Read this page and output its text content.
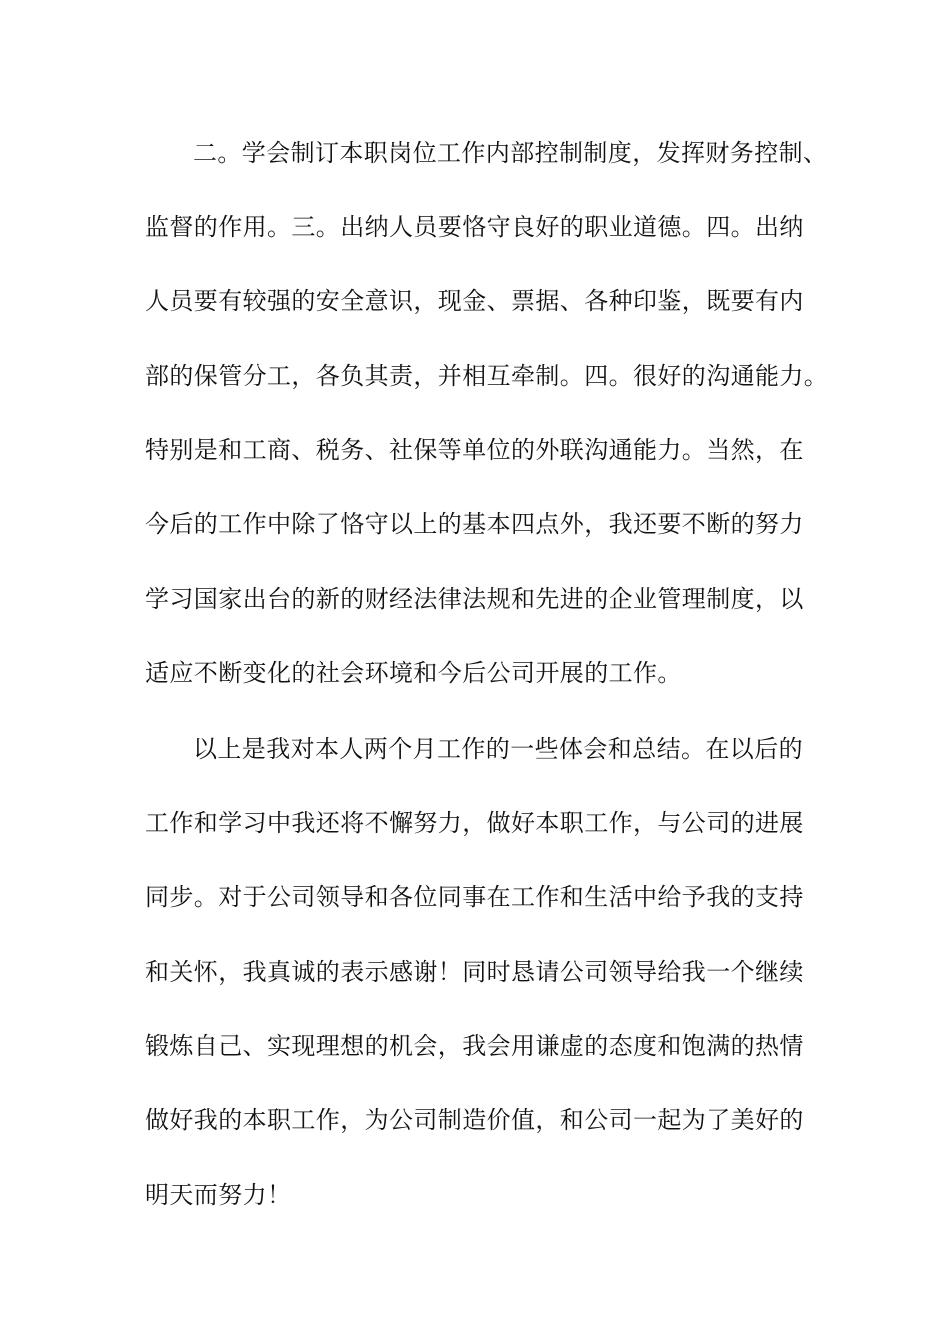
二。学会制订本职岗位工作内部控制制度，发挥财务控制、
监督的作用。三。出纳人员要恪守良好的职业道德。四。出纳
人员要有较强的安全意识，现金、票据、各种印鉴，既要有内
部的保管分工，各负其责，并相互牵制。四。很好的沟通能力。
特别是和工商、税务、社保等单位的外联沟通能力。当然，在
今后的工作中除了恪守以上的基本四点外，我还要不断的努力
学习国家出台的新的财经法律法规和先进的企业管理制度，以
适应不断变化的社会环境和今后公司开展的工作。
以上是我对本人两个月工作的一些体会和总结。在以后的
工作和学习中我还将不懈努力，做好本职工作，与公司的进展
同步。对于公司领导和各位同事在工作和生活中给予我的支持
和关怀，我真诚的表示感谢！同时恳请公司领导给我一个继续
锻炼自己、实现理想的机会，我会用谦虚的态度和饱满的热情
做好我的本职工作，为公司制造价值，和公司一起为了美好的
明天而努力！
